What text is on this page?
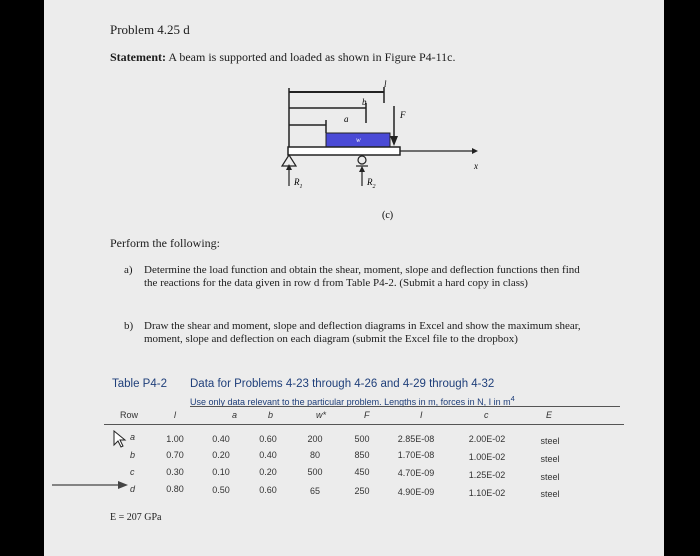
Problem 4.25 d
Statement: A beam is supported and loaded as shown in Figure P4-11c.
l
b
a	F
w
x
$R_1$	$R_2$
(c)
Perform the following:
a) Determine the load function and obtain the shear, moment, slope and deflection functions then find the reactions for the data given in row d from Table P4-2. (Submit a hard copy in class)
b) Draw the shear and moment, slope and deflection diagrams in Excel and show the maximum shear, moment, slope and deflection on each diagram (submit the Excel file to the dropbox)
Table P4-2 Data for Problems 4-23 through 4-26 and 4-29 through 4-32
Use only data relevant to the particular problem. Lengths in m, forces in N, I in $m^4$
Row	l	a	b	w*	F	I	c	E
a	1.00	0.40	0.60	200	500	2.85E-08	2.00E-02	steel
b	0.70	0.20	0.40	80	850	1.70E-08	1.00E-02	steel
c	0.30	0.10	0.20	500	450	4.70E-09	1.25E-02	steel
d	0.80	0.50	0.60	65	250	4.90E-09	1.10E-02	steel
E = 207 GPa
